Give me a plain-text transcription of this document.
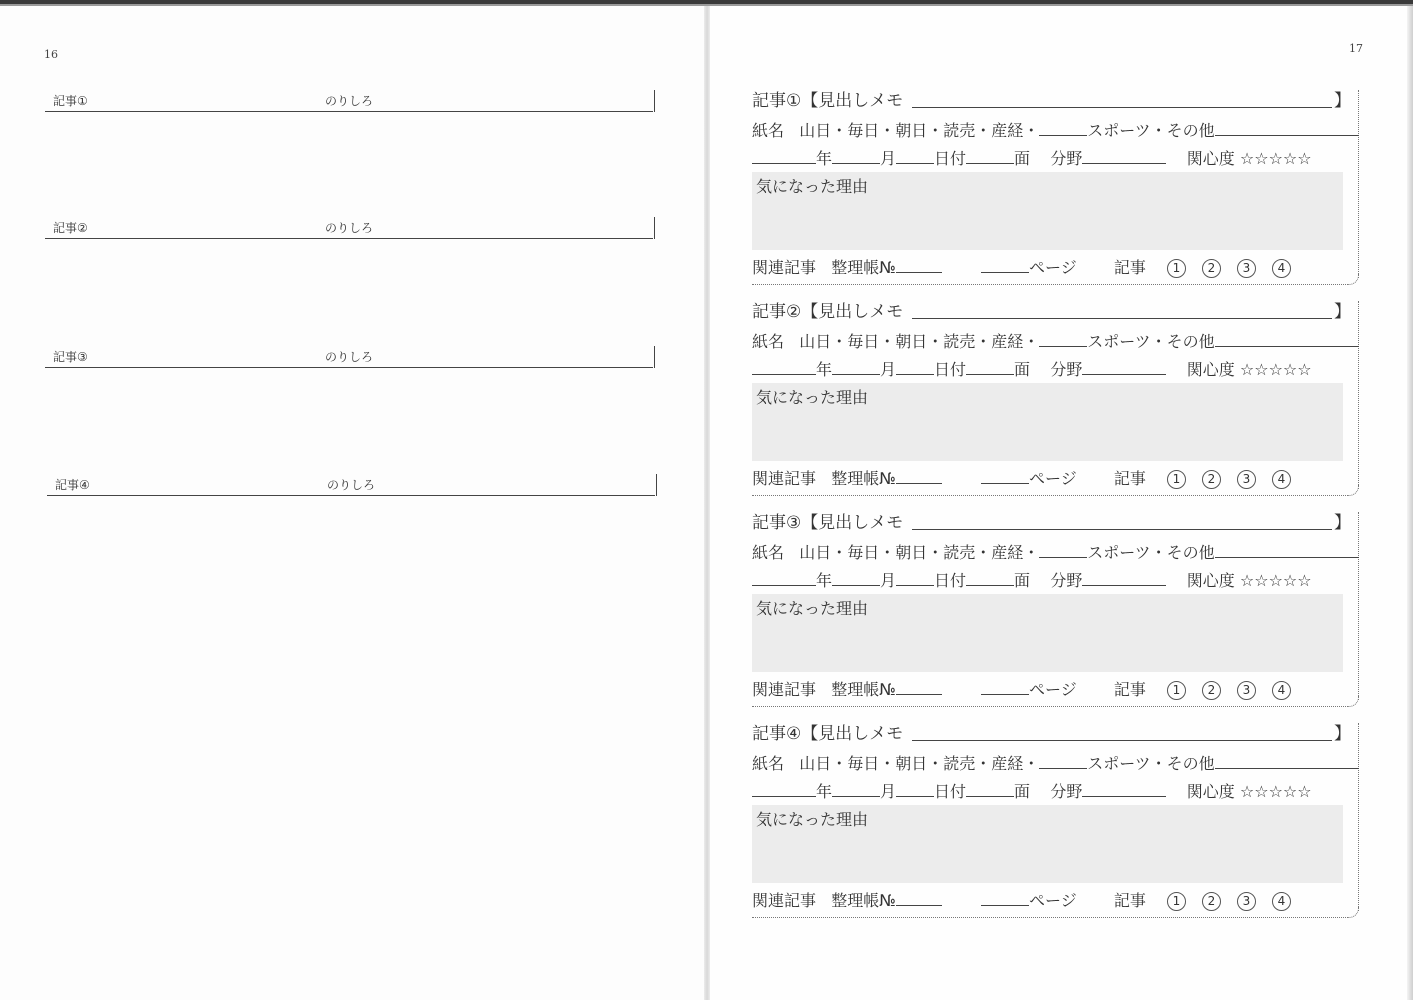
16	17
記事①	のりしろ
記事②	のりしろ
記事③	のりしろ
記事④	のりしろ
記事①【見出しメモ	】
紙名 山日・毎日・朝日・読売・産経・	スポーツ・その他
年	月 日付	面 分野	関心度 ☆☆☆☆☆
気になった理由
関連記事 整理帳№	ページ 記事 1 2 3 4
記事②【見出しメモ	】
紙名 山日・毎日・朝日・読売・産経・	スポーツ・その他
年	月 日付	面 分野	関心度 ☆☆☆☆☆
気になった理由
関連記事 整理帳№	ページ 記事 1 2 3 4
記事③【見出しメモ	】
紙名 山日・毎日・朝日・読売・産経・	スポーツ・その他
年	月 日付	面 分野	関心度 ☆☆☆☆☆
気になった理由
関連記事 整理帳№	ページ 記事 1 2 3 4
記事④【見出しメモ	】
紙名 山日・毎日・朝日・読売・産経・	スポーツ・その他
年	月 日付	面 分野	関心度 ☆☆☆☆☆
気になった理由
関連記事 整理帳№	ページ 記事 1 2 3 4
